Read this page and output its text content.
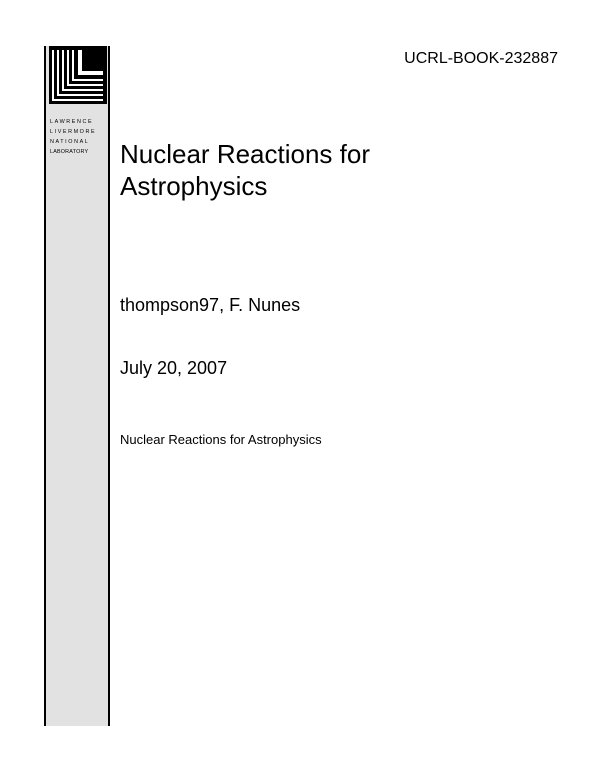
LAWRENCE
LIVERMORE
NATIONAL
LABORATORY
UCRL-BOOK-232887
Nuclear Reactions for
Astrophysics
thompson97, F. Nunes
July 20, 2007
Nuclear Reactions for Astrophysics
